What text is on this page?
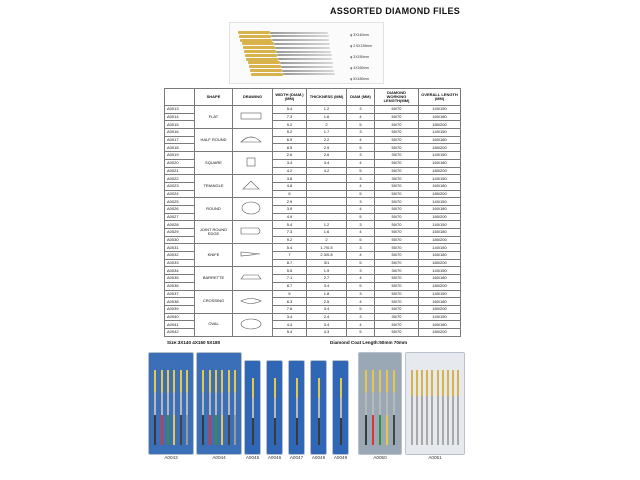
ASSORTED DIAMOND FILES
φ 3X140mm
φ 2.5X135mm
φ 3X150mm
φ 4X160mm
φ 5X180mm
	SHAPE	DRAWING	WIDTH (DIAM.) (MM)	THICKNESS (MM)	DIAM (MM)	DIAMOND WORKING LENGTH(MM)	OVERALL LENGTH (MM)
A0013	FLAT		5.4	1.2	3	60/70	140/150
A0014			7.3	1.6	4	50/70	160/180
A0015			9.2	2	5	50/70	180/200
A0016	HALF ROUND		5.2	1.7	3	50/70	140/150
A0017			6.9	2.2	4	50/70	160/180
A0018			8.5	2.9	5	50/70	180/200
A0019	SQUARE		2.6	2.6	3	30/70	140/150
A0020			3.4	3.4	4	50/70	160/180
A0021			4.2	4.2	5	50/70	180/200
A0022	TRIANGLE		3.8		3	30/70	140/150
A0023			4.8		4	50/70	160/180
A0024			6		5	50/70	180/200
A0025	ROUND		2.9		3	50/70	140/150
A0026			3.9		4	50/70	160/180
A0027			4.9		5	50/70	180/200
A0028	JOINT ROUND EDGE		5.4	1.2	3	50/70	140/150
A0029			7.3	1.6	4	50/70	160/180
A0030			9.2	2	5	50/70	180/200
A0031	KNIFE		5.4	1.7/0.5	3	50/70	140/150
A0032			7	2.3/0.8	4	50/70	160/180
A0033			8.7	3/1	5	50/70	180/200
A0034	BARRETTE		5.5	1.9	3	30/70	140/150
A0035			7.1	2.7	4	50/70	160/180
A0036			8.7	3.4	5	50/70	180/200
A0037	CROSSING		5	1.8	3	50/70	140/150
A0038			6.3	2.5	4	50/70	160/180
A0039			7.6	3.4	5	50/70	180/200
A0040	OVAL		3.4	2.4	3	30/70	140/150
A0041			4.4	3.4	4	50/70	160/180
A0042			5.4	4.3	5	50/70	180/200
Size:3X140 4X160 5X180	Diamond Coat Length:50mm 70mm
A0043	A0044	A0045 A0046 A0047 A0048 A0049	A0050	A0051
